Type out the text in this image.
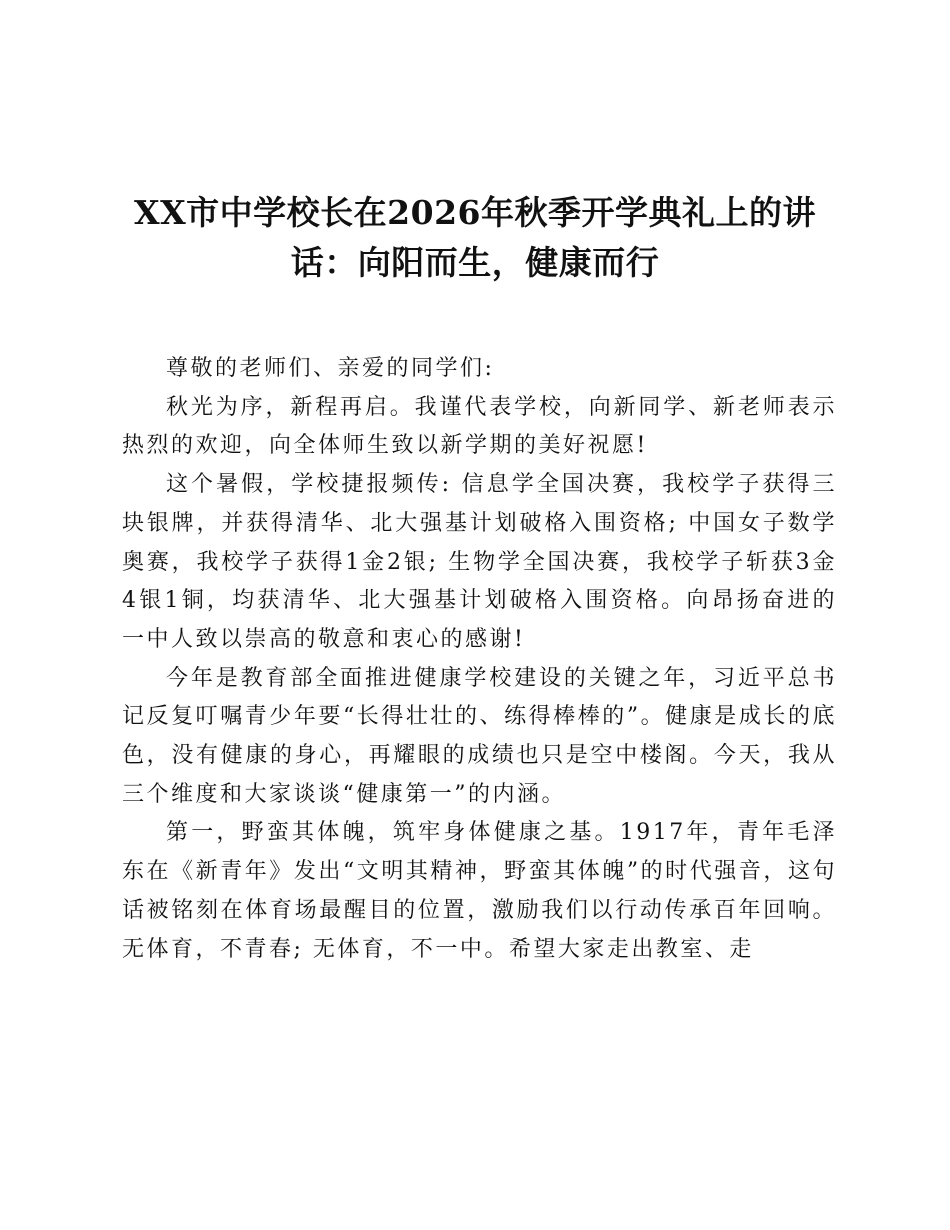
XX市中学校长在2026年秋季开学典礼上的讲话：向阳而生，健康而行

尊敬的老师们、亲爱的同学们:

秋光为序，新程再启。我谨代表学校，向新同学、新老师表示热烈的欢迎，向全体师生致以新学期的美好祝愿!

这个暑假，学校捷报频传: 信息学全国决赛，我校学子获得三块银牌，并获得清华、北大强基计划破格入围资格; 中国女子数学奥赛，我校学子获得1金2银; 生物学全国决赛，我校学子斩获3金4银1铜，均获清华、北大强基计划破格入围资格。向昂扬奋进的一中人致以崇高的敬意和衷心的感谢!

今年是教育部全面推进健康学校建设的关键之年，习近平总书记反复叮嘱青少年要“长得壮壮的、练得棒棒的”。健康是成长的底色，没有健康的身心，再耀眼的成绩也只是空中楼阁。今天，我从三个维度和大家谈谈“健康第一”的内涵。

第一，野蛮其体魄，筑牢身体健康之基。1917年，青年毛泽东在《新青年》发出“文明其精神，野蛮其体魄”的时代强音，这句话被铭刻在体育场最醒目的位置，激励我们以行动传承百年回响。无体育，不青春; 无体育，不一中。希望大家走出教室、走
